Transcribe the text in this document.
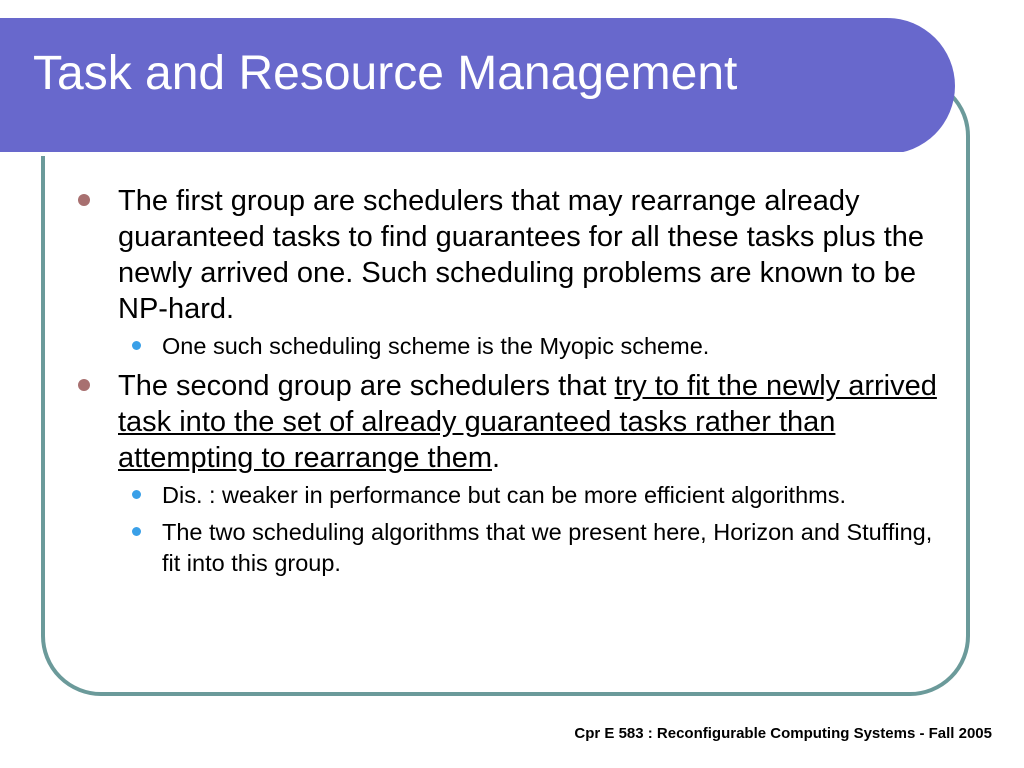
Task and Resource Management
The first group are schedulers that may rearrange already guaranteed tasks to find guarantees for all these tasks plus the newly arrived one. Such scheduling problems are known to be NP-hard.
One such scheduling scheme is the Myopic scheme.
The second group are schedulers that try to fit the newly arrived task into the set of already guaranteed tasks rather than attempting to rearrange them.
Dis. : weaker in performance but can be more efficient algorithms.
The two scheduling algorithms that we present here, Horizon and Stuffing, fit into this group.
Cpr E 583 : Reconfigurable Computing Systems - Fall 2005
